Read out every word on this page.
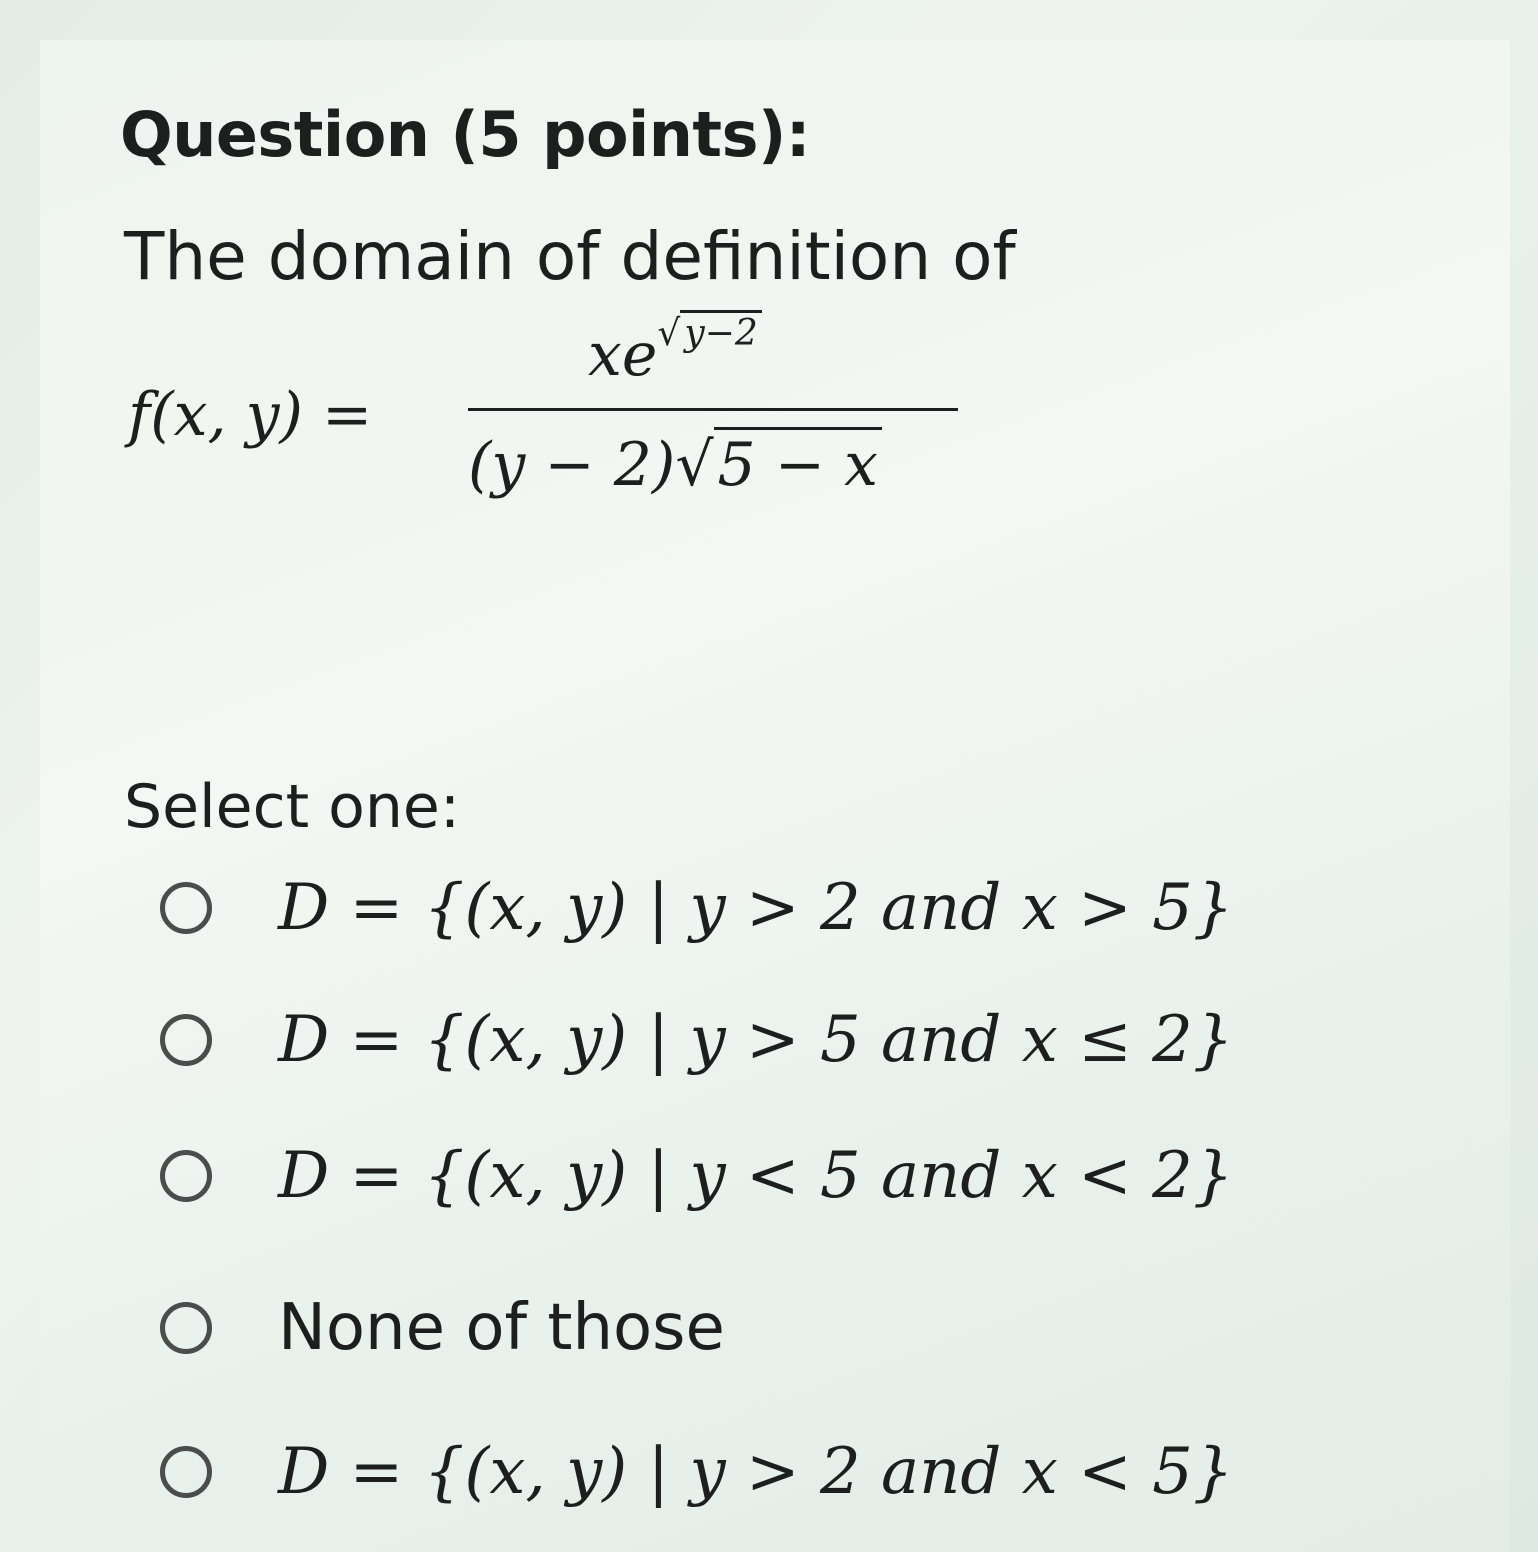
Question (5 points):
The domain of definition of
f(x, y) =
$xe^{√ y-2}$
(y − 2)√5 − x
Select one:
D = {(x, y) | y > 2 and x > 5}
D = {(x, y) | y > 5 and x ≤ 2}
D = {(x, y) | y < 5 and x < 2}
None of those
D = {(x, y) | y > 2 and x < 5}
